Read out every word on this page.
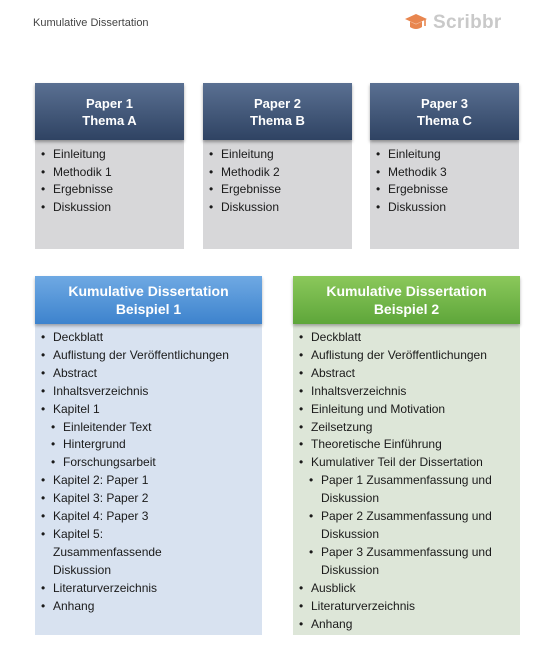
Kumulative Dissertation	Scribbr
Paper 1
Thema A
• Einleitung
• Methodik 1
• Ergebnisse
• Diskussion
Paper 2
Thema B
• Einleitung
• Methodik 2
• Ergebnisse
• Diskussion
Paper 3
Thema C
• Einleitung
• Methodik 3
• Ergebnisse
• Diskussion
Kumulative Dissertation
Beispiel 1
• Deckblatt
• Auflistung der Veröffentlichungen
• Abstract
• Inhaltsverzeichnis
• Kapitel 1
• Einleitender Text
• Hintergrund
• Forschungsarbeit
• Kapitel 2: Paper 1
• Kapitel 3: Paper 2
• Kapitel 4: Paper 3
• Kapitel 5: Zusammenfassende Diskussion
• Literaturverzeichnis
• Anhang
Kumulative Dissertation
Beispiel 2
• Deckblatt
• Auflistung der Veröffentlichungen
• Abstract
• Inhaltsverzeichnis
• Einleitung und Motivation
• Zeilsetzung
• Theoretische Einführung
• Kumulativer Teil der Dissertation
• Paper 1 Zusammenfassung und Diskussion
• Paper 2 Zusammenfassung und Diskussion
• Paper 3 Zusammenfassung und Diskussion
• Ausblick
• Literaturverzeichnis
• Anhang
